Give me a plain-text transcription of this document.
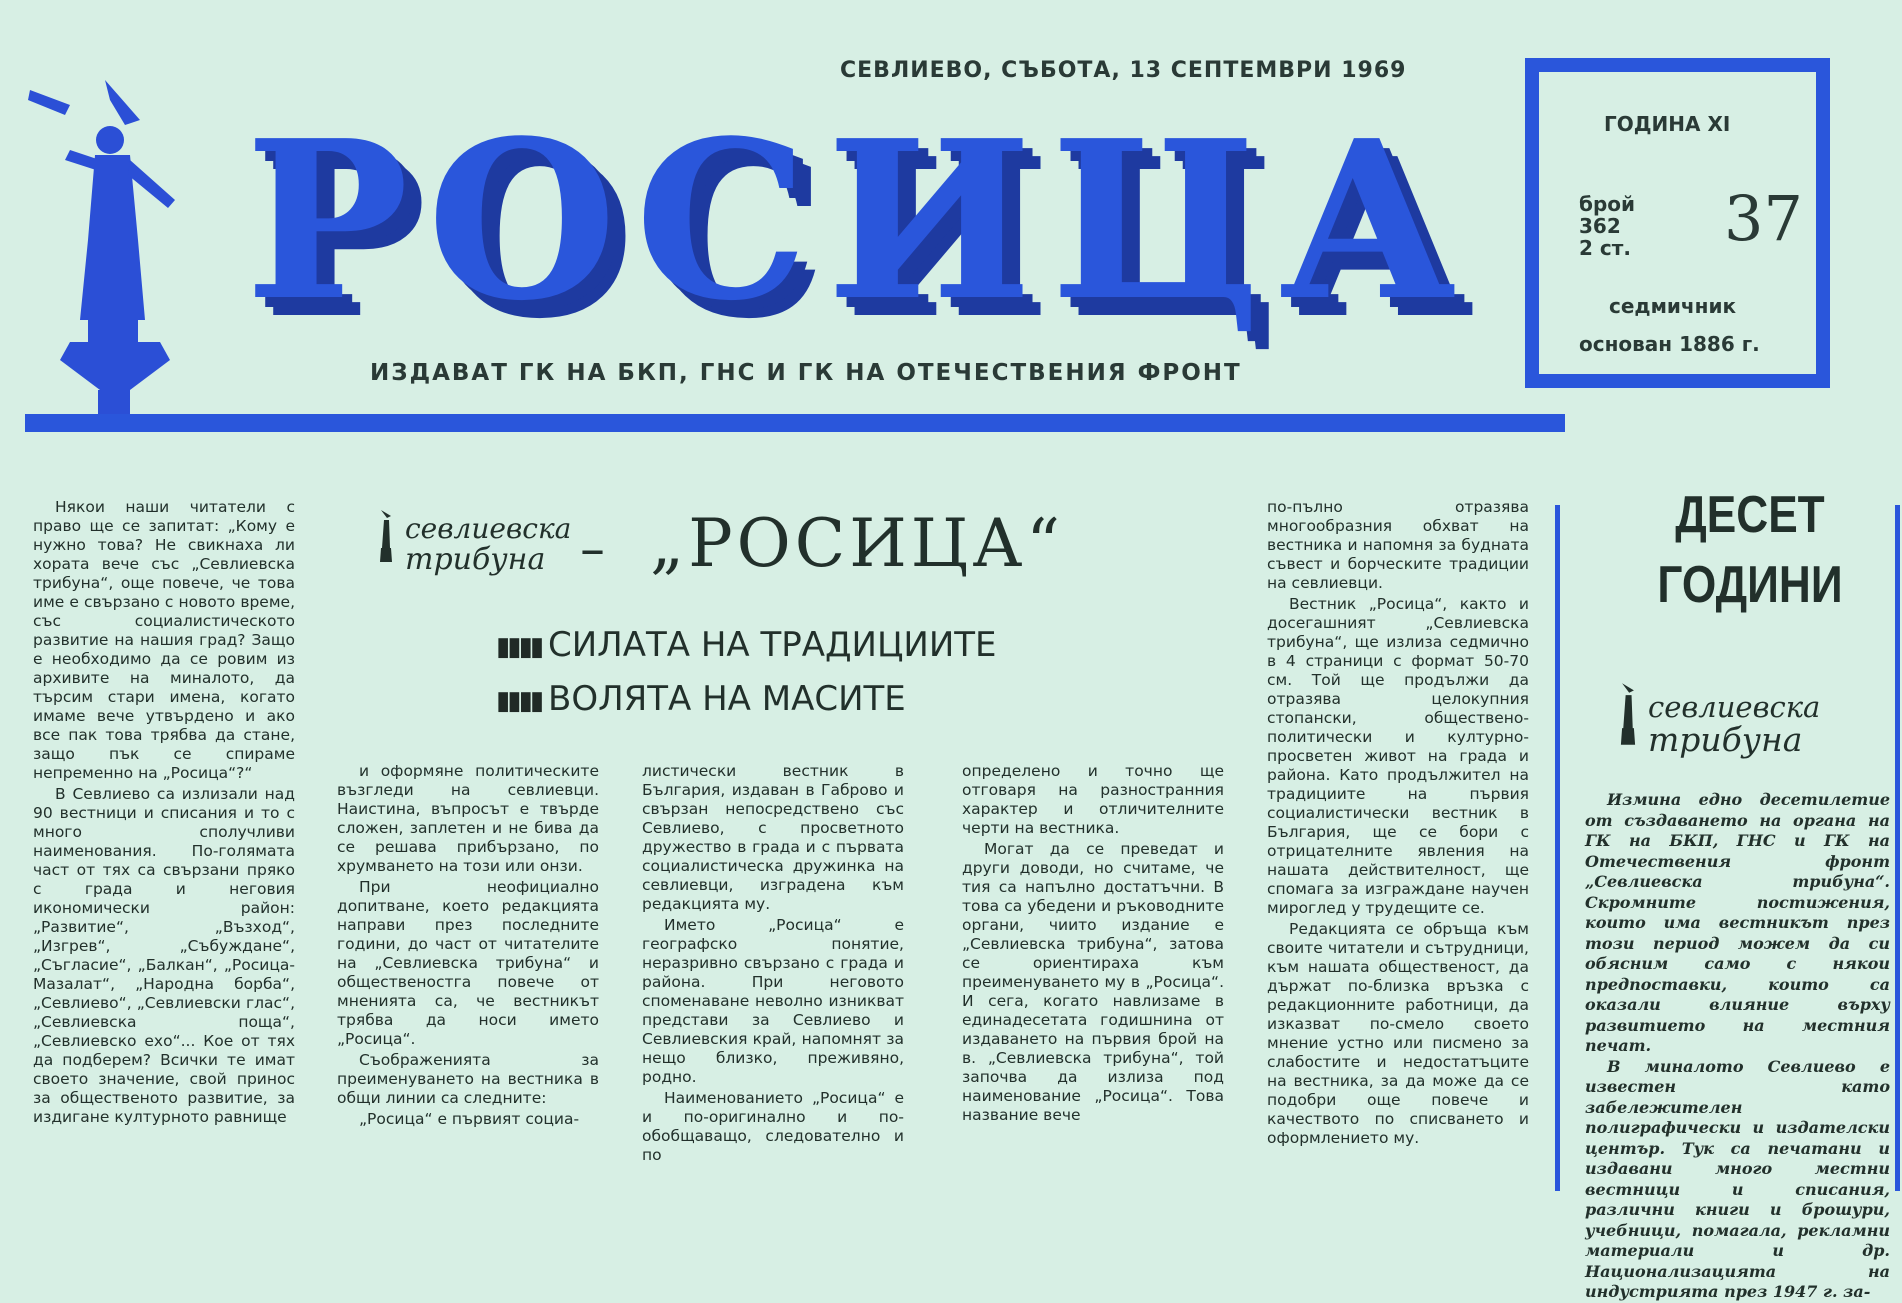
СЕВЛИЕВО, СЪБОТА, 13 СЕПТЕМВРИ 1969
РОСИЦА
ИЗДАВАТ ГК НА БКП, ГНС И ГК НА ОТЕЧЕСТВЕНИЯ ФРОНТ
ГОДИНА XI
брой
362
2 ст. 37
седмичник
основан 1886 г.
севлиевска
трибуна – „РОСИЦА“
▮▮▮▮ СИЛАТА НА ТРАДИЦИИТЕ
▮▮▮▮ ВОЛЯТА НА МАСИТЕ

Някои наши читатели с право ще се запитат: „Кому е нужно това? Не свикнаха ли хората вече със „Севлиевска трибуна“, още повече, че това име е свързано с новото време, със социалистическото развитие на нашия град? Защо е необходимо да се ровим из архивите на миналото, да търсим стари имена, когато имаме вече утвърдено и ако все пак това трябва да стане, защо пък се спираме непременно на „Росица“?“

В Севлиево са излизали над 90 вестници и списания и то с много сполучливи наименования. По-голямата част от тях са свързани пряко с града и неговия икономически район: „Развитие“, „Възход“, „Изгрев“, „Събуждане“, „Съгласие“, „Балкан“, „Росица-Мазалат“, „Народна борба“, „Севлиево“, „Севлиевски глас“, „Севлиевска поща“, „Севлиевско ехо“... Кое от тях да подберем? Всички те имат своето значение, свой принос за общественото развитие, за издигане културното равнище

и оформяне политическите възгледи на севлиевци. Наистина, въпросът е твърде сложен, заплетен и не бива да се решава прибързано, по хрумването на този или онзи.

При неофициално допитване, което редакцията направи през последните години, до част от читателите на „Севлиевска трибуна“ и общественостга повече от мненията са, че вестникът трябва да носи името „Росица“.

Съображенията за преименуването на вестника в общи линии са следните:

„Росица“ е първият социа-

листически вестник в България, издаван в Габрово и свързан непосредствено със Севлиево, с просветното дружество в града и с първата социалистическа дружинка на севлиевци, изградена към редакцията му.

Името „Росица“ е географско понятие, неразривно свързано с града и района. При неговото споменаване неволно изникват представи за Севлиево и Севлиевския край, напомнят за нещо близко, преживяно, родно.

Наименованието „Росица“ е и по-оригинално и по-обобщаващо, следователно и по

определено и точно ще отговаря на разностранния характер и отличителните черти на вестника.

Могат да се преведат и други доводи, но считаме, че тия са напълно достатъчни. В това са убедени и ръководните органи, чиито издание е „Севлиевска трибуна“, затова се ориентираха към преименуването му в „Росица“. И сега, когато навлизаме в единадесетата годишнина от издаването на първия брой на в. „Севлиевска трибуна“, той започва да излиза под наименование „Росица“. Това название вече

по-пълно отразява многообразния обхват на вестника и напомня за будната съвест и борческите традиции на севлиевци.

Вестник „Росица“, както и досегашният „Севлиевска трибуна“, ще излиза седмично в 4 страници с формат 50-70 см. Той ще продължи да отразява целокупния стопански, обществено-политически и културно-просветен живот на града и района. Като продължител на традициите на първия социалистически вестник в България, ще се бори с отрицателните явления на нашата действителност, ще спомага за изграждане научен мироглед у трудещите се.

Редакцията се обръща към своите читатели и сътрудници, към нашата общественост, да държат по-близка връзка с редакционните работници, да изказват по-смело своето мнение устно или писмено за слабостите и недостатъците на вестника, за да може да се подобри още повече и качеството по списването и оформлението му.

ДЕСЕТ
ГОДИНИ
севлиевска
трибуна

Измина едно десетилетие от създаването на органа на ГК на БКП, ГНС и ГК на Отечествения фронт „Севлиевска трибуна“. Скромните постижения, които има вестникът през този период можем да си обясним само с някои предпоставки, които са оказали влияние върху развитието на местния печат.

В миналото Севлиево е известен като забележителен полиграфически и издателски център. Тук са печатани и издавани много местни вестници и списания, различни книги и брошури, учебници, помагала, рекламни материали и др. Национализацията на индустрията през 1947 г. за-
